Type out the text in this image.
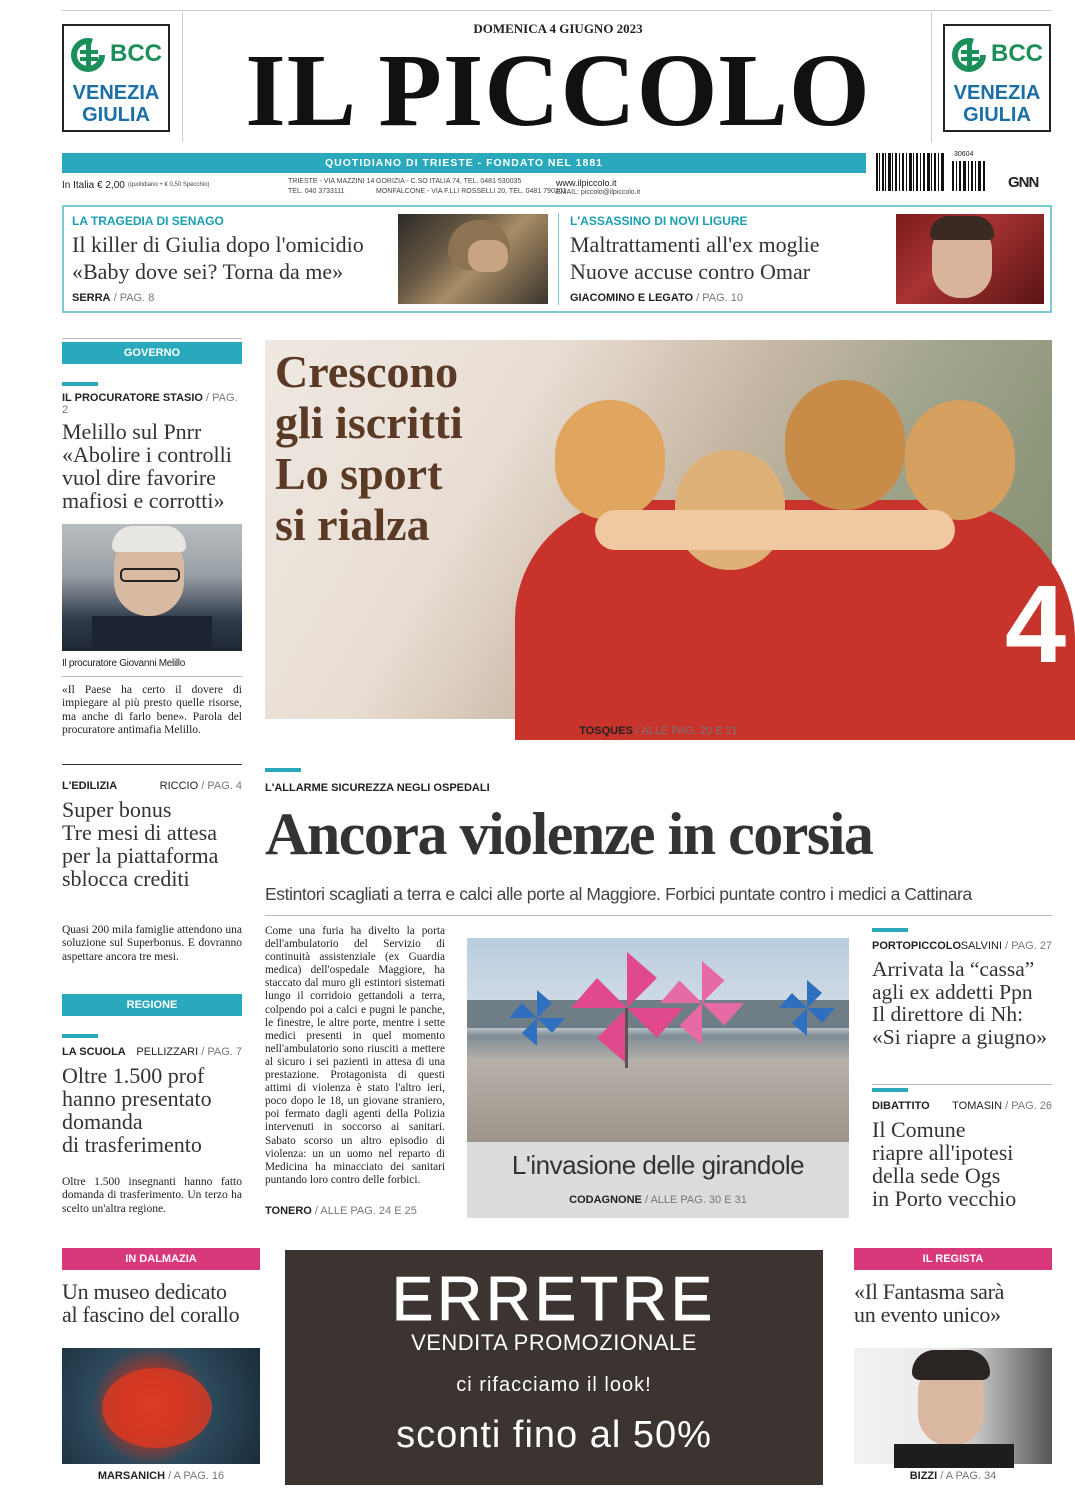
BCC
VENEZIA
GIULIA
DOMENICA 4 GIUGNO 2023
IL PICCOLO	BCC
VENEZIA
GIULIA
QUOTIDIANO DI TRIESTE - FONDATO NEL 1881
In Italia € 2,00 (quotidiano + € 0,50 Specchio)	TRIESTE - VIA MAZZINI 14
TEL. 040 3733111
GORIZIA - C.SO ITALIA 74, TEL. 0481 530035
MONFALCONE - VIA F.LLI ROSSELLI 20, TEL. 0481 790201
www.ilpiccolo.it
EMAIL: piccolo@ilpiccolo.it
30604
GNN
LA TRAGEDIA DI SENAGO
Il killer di Giulia dopo l'omicidio
«Baby dove sei? Torna da me»
SERRA / PAG. 8
L'ASSASSINO DI NOVI LIGURE
Maltrattamenti all'ex moglie
Nuove accuse contro Omar
GIACOMINO E LEGATO / PAG. 10
GOVERNO
IL PROCURATORE STASIO / PAG. 2
Melillo sul Pnrr
«Abolire i controlli
vuol dire favorire
mafiosi e corrotti»
Il procuratore Giovanni Melillo
«Il Paese ha certo il dovere di impiegare al più presto quelle risorse, ma anche di farlo bene». Parola del procuratore antimafia Melillo.
L'EDILIZIA	RICCIO / PAG. 4
Super bonus
Tre mesi di attesa
per la piattaforma
sblocca crediti
Quasi 200 mila famiglie attendono una soluzione sul Superbonus. E dovranno aspettare ancora tre mesi.
REGIONE
LA SCUOLA PELLIZZARI / PAG. 7
Oltre 1.500 prof
hanno presentato
domanda
di trasferimento
Oltre 1.500 insegnanti hanno fatto domanda di trasferimento. Un terzo ha scelto un'altra regione.
4
Crescono
gli iscritti
Lo sport
si rialza
TOSQUES / ALLE PAG. 20 E 21
L'ALLARME SICUREZZA NEGLI OSPEDALI
Ancora violenze in corsia
Estintori scagliati a terra e calci alle porte al Maggiore. Forbici puntate contro i medici a Cattinara
Come una furia ha divelto la porta dell'ambulatorio del Servizio di continuità assistenziale (ex Guardia medica) dell'ospedale Maggiore, ha staccato dal muro gli estintori sistemati lungo il corridoio gettandoli a terra, colpendo poi a calci e pugni le panche, le finestre, le altre porte, mentre i sette medici presenti in quel momento nell'ambulatorio sono riusciti a mettere al sicuro i sei pazienti in attesa di una prestazione. Protagonista di questi attimi di violenza è stato l'altro ieri, poco dopo le 18, un giovane straniero, poi fermato dagli agenti della Polizia intervenuti in soccorso ai sanitari. Sabato scorso un altro episodio di violenza: un un uomo nel reparto di Medicina ha minacciato dei sanitari puntando loro contro delle forbici.
TONERO / ALLE PAG. 24 E 25
L'invasione delle girandole
CODAGNONE / ALLE PAG. 30 E 31
PORTOPICCOLO SALVINI / PAG. 27
Arrivata la “cassa”
agli ex addetti Ppn
Il direttore di Nh:
«Si riapre a giugno»
DIBATTITO TOMASIN / PAG. 26
Il Comune
riapre all'ipotesi
della sede Ogs
in Porto vecchio
IN DALMAZIA
Un museo dedicato
al fascino del corallo
MARSANICH / A PAG. 16
ERRETRE
VENDITA PROMOZIONALE
ci rifacciamo il look!
sconti fino al 50%
IL REGISTA
«Il Fantasma sarà
un evento unico»
BIZZI / A PAG. 34
